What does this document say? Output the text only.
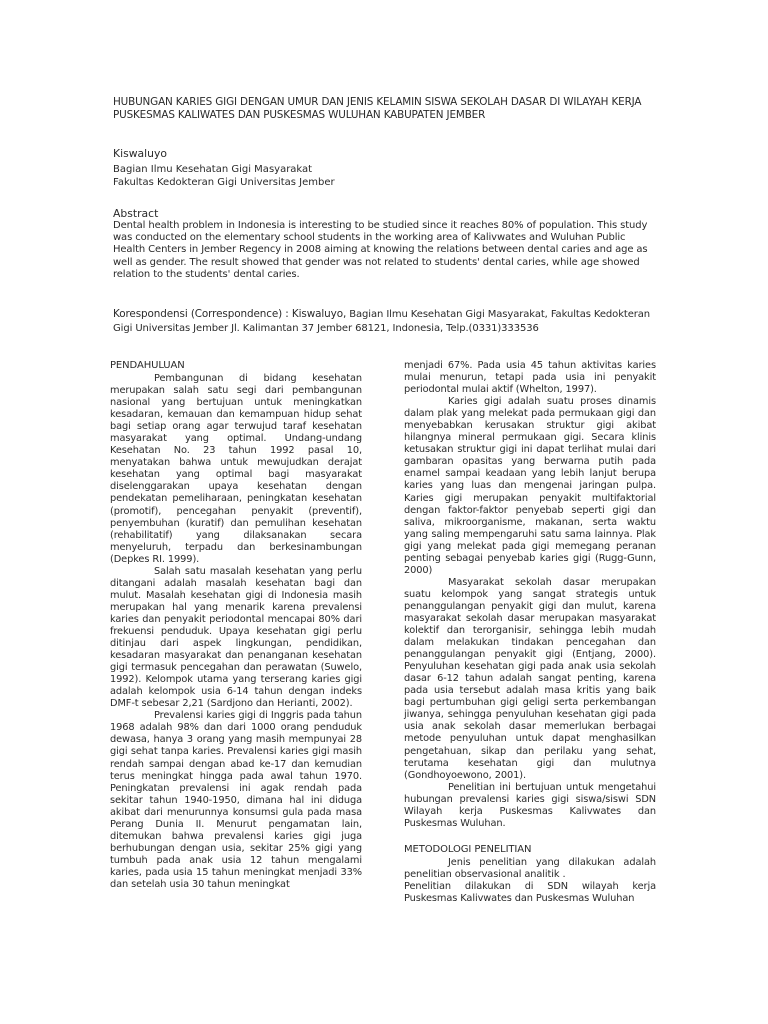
HUBUNGAN KARIES GIGI DENGAN UMUR DAN JENIS KELAMIN SISWA SEKOLAH DASAR DI WILAYAH KERJA PUSKESMAS KALIWATES DAN PUSKESMAS WULUHAN KABUPATEN JEMBER
Kiswaluyo
Bagian Ilmu Kesehatan Gigi Masyarakat
Fakultas Kedokteran Gigi Universitas Jember
Abstract
Dental health problem in Indonesia is interesting to be studied since it reaches 80% of population. This study was conducted on the elementary school students in the working area of Kalivwates and Wuluhan Public Health Centers in Jember Regency in 2008 aiming at knowing the relations between dental caries and age as well as gender. The result showed that gender was not related to students' dental caries, while age showed relation to the students' dental caries.
Korespondensi (Correspondence) : Kiswaluyo, Bagian Ilmu Kesehatan Gigi Masyarakat, Fakultas Kedokteran Gigi Universitas Jember Jl. Kalimantan 37 Jember 68121, Indonesia, Telp.(0331)333536
PENDAHULUAN

Pembangunan di bidang kesehatan merupakan salah satu segi dari pembangunan nasional yang bertujuan untuk meningkatkan kesadaran, kemauan dan kemampuan hidup sehat bagi setiap orang agar terwujud taraf kesehatan masyarakat yang optimal. Undang-undang Kesehatan No. 23 tahun 1992 pasal 10, menyatakan bahwa untuk mewujudkan derajat kesehatan yang optimal bagi masyarakat diselenggarakan upaya kesehatan dengan pendekatan pemeliharaan, peningkatan kesehatan (promotif), pencegahan penyakit (preventif), penyembuhan (kuratif) dan pemulihan kesehatan (rehabilitatif) yang dilaksanakan secara menyeluruh, terpadu dan berkesinambungan (Depkes RI. 1999).

Salah satu masalah kesehatan yang perlu ditangani adalah masalah kesehatan bagi dan mulut. Masalah kesehatan gigi di Indonesia masih merupakan hal yang menarik karena prevalensi karies dan penyakit periodontal mencapai 80% dari frekuensi penduduk. Upaya kesehatan gigi perlu ditinjau dari aspek lingkungan, pendidikan, kesadaran masyarakat dan penanganan kesehatan gigi termasuk pencegahan dan perawatan (Suwelo, 1992). Kelompok utama yang terserang karies gigi adalah kelompok usia 6-14 tahun dengan indeks DMF-t sebesar 2,21 (Sardjono dan Herianti, 2002).

Prevalensi karies gigi di Inggris pada tahun 1968 adalah 98% dan dari 1000 orang penduduk dewasa, hanya 3 orang yang masih mempunyai 28 gigi sehat tanpa karies. Prevalensi karies gigi masih rendah sampai dengan abad ke-17 dan kemudian terus meningkat hingga pada awal tahun 1970. Peningkatan prevalensi ini agak rendah pada sekitar tahun 1940-1950, dimana hal ini diduga akibat dari menurunnya konsumsi gula pada masa Perang Dunia II. Menurut pengamatan lain, ditemukan bahwa prevalensi karies gigi juga berhubungan dengan usia, sekitar 25% gigi yang tumbuh pada anak usia 12 tahun mengalami karies, pada usia 15 tahun meningkat menjadi 33% dan setelah usia 30 tahun meningkat

menjadi 67%. Pada usia 45 tahun aktivitas karies mulai menurun, tetapi pada usia ini penyakit periodontal mulai aktif (Whelton, 1997).

Karies gigi adalah suatu proses dinamis dalam plak yang melekat pada permukaan gigi dan menyebabkan kerusakan struktur gigi akibat hilangnya mineral permukaan gigi. Secara klinis ketusakan struktur gigi ini dapat terlihat mulai dari gambaran opasitas yang berwarna putih pada enamel sampai keadaan yang lebih lanjut berupa karies yang luas dan mengenai jaringan pulpa. Karies gigi merupakan penyakit multifaktorial dengan faktor-faktor penyebab seperti gigi dan saliva, mikroorganisme, makanan, serta waktu yang saling mempengaruhi satu sama lainnya. Plak gigi yang melekat pada gigi memegang peranan penting sebagai penyebab karies gigi (Rugg-Gunn, 2000)

Masyarakat sekolah dasar merupakan suatu kelompok yang sangat strategis untuk penanggulangan penyakit gigi dan mulut, karena masyarakat sekolah dasar merupakan masyarakat kolektif dan terorganisir, sehingga lebih mudah dalam melakukan tindakan pencegahan dan penanggulangan penyakit gigi (Entjang, 2000). Penyuluhan kesehatan gigi pada anak usia sekolah dasar 6-12 tahun adalah sangat penting, karena pada usia tersebut adalah masa kritis yang baik bagi pertumbuhan gigi geligi serta perkembangan jiwanya, sehingga penyuluhan kesehatan gigi pada usia anak sekolah dasar memerlukan berbagai metode penyuluhan untuk dapat menghasilkan pengetahuan, sikap dan perilaku yang sehat, terutama kesehatan gigi dan mulutnya (Gondhoyoewono, 2001).

Penelitian ini bertujuan untuk mengetahui hubungan prevalensi karies gigi siswa/siswi SDN Wilayah kerja Puskesmas Kalivwates dan Puskesmas Wuluhan.

METODOLOGI PENELITIAN

Jenis penelitian yang dilakukan adalah penelitian observasional analitik .

Penelitian dilakukan di SDN wilayah kerja Puskesmas Kalivwates dan Puskesmas Wuluhan
